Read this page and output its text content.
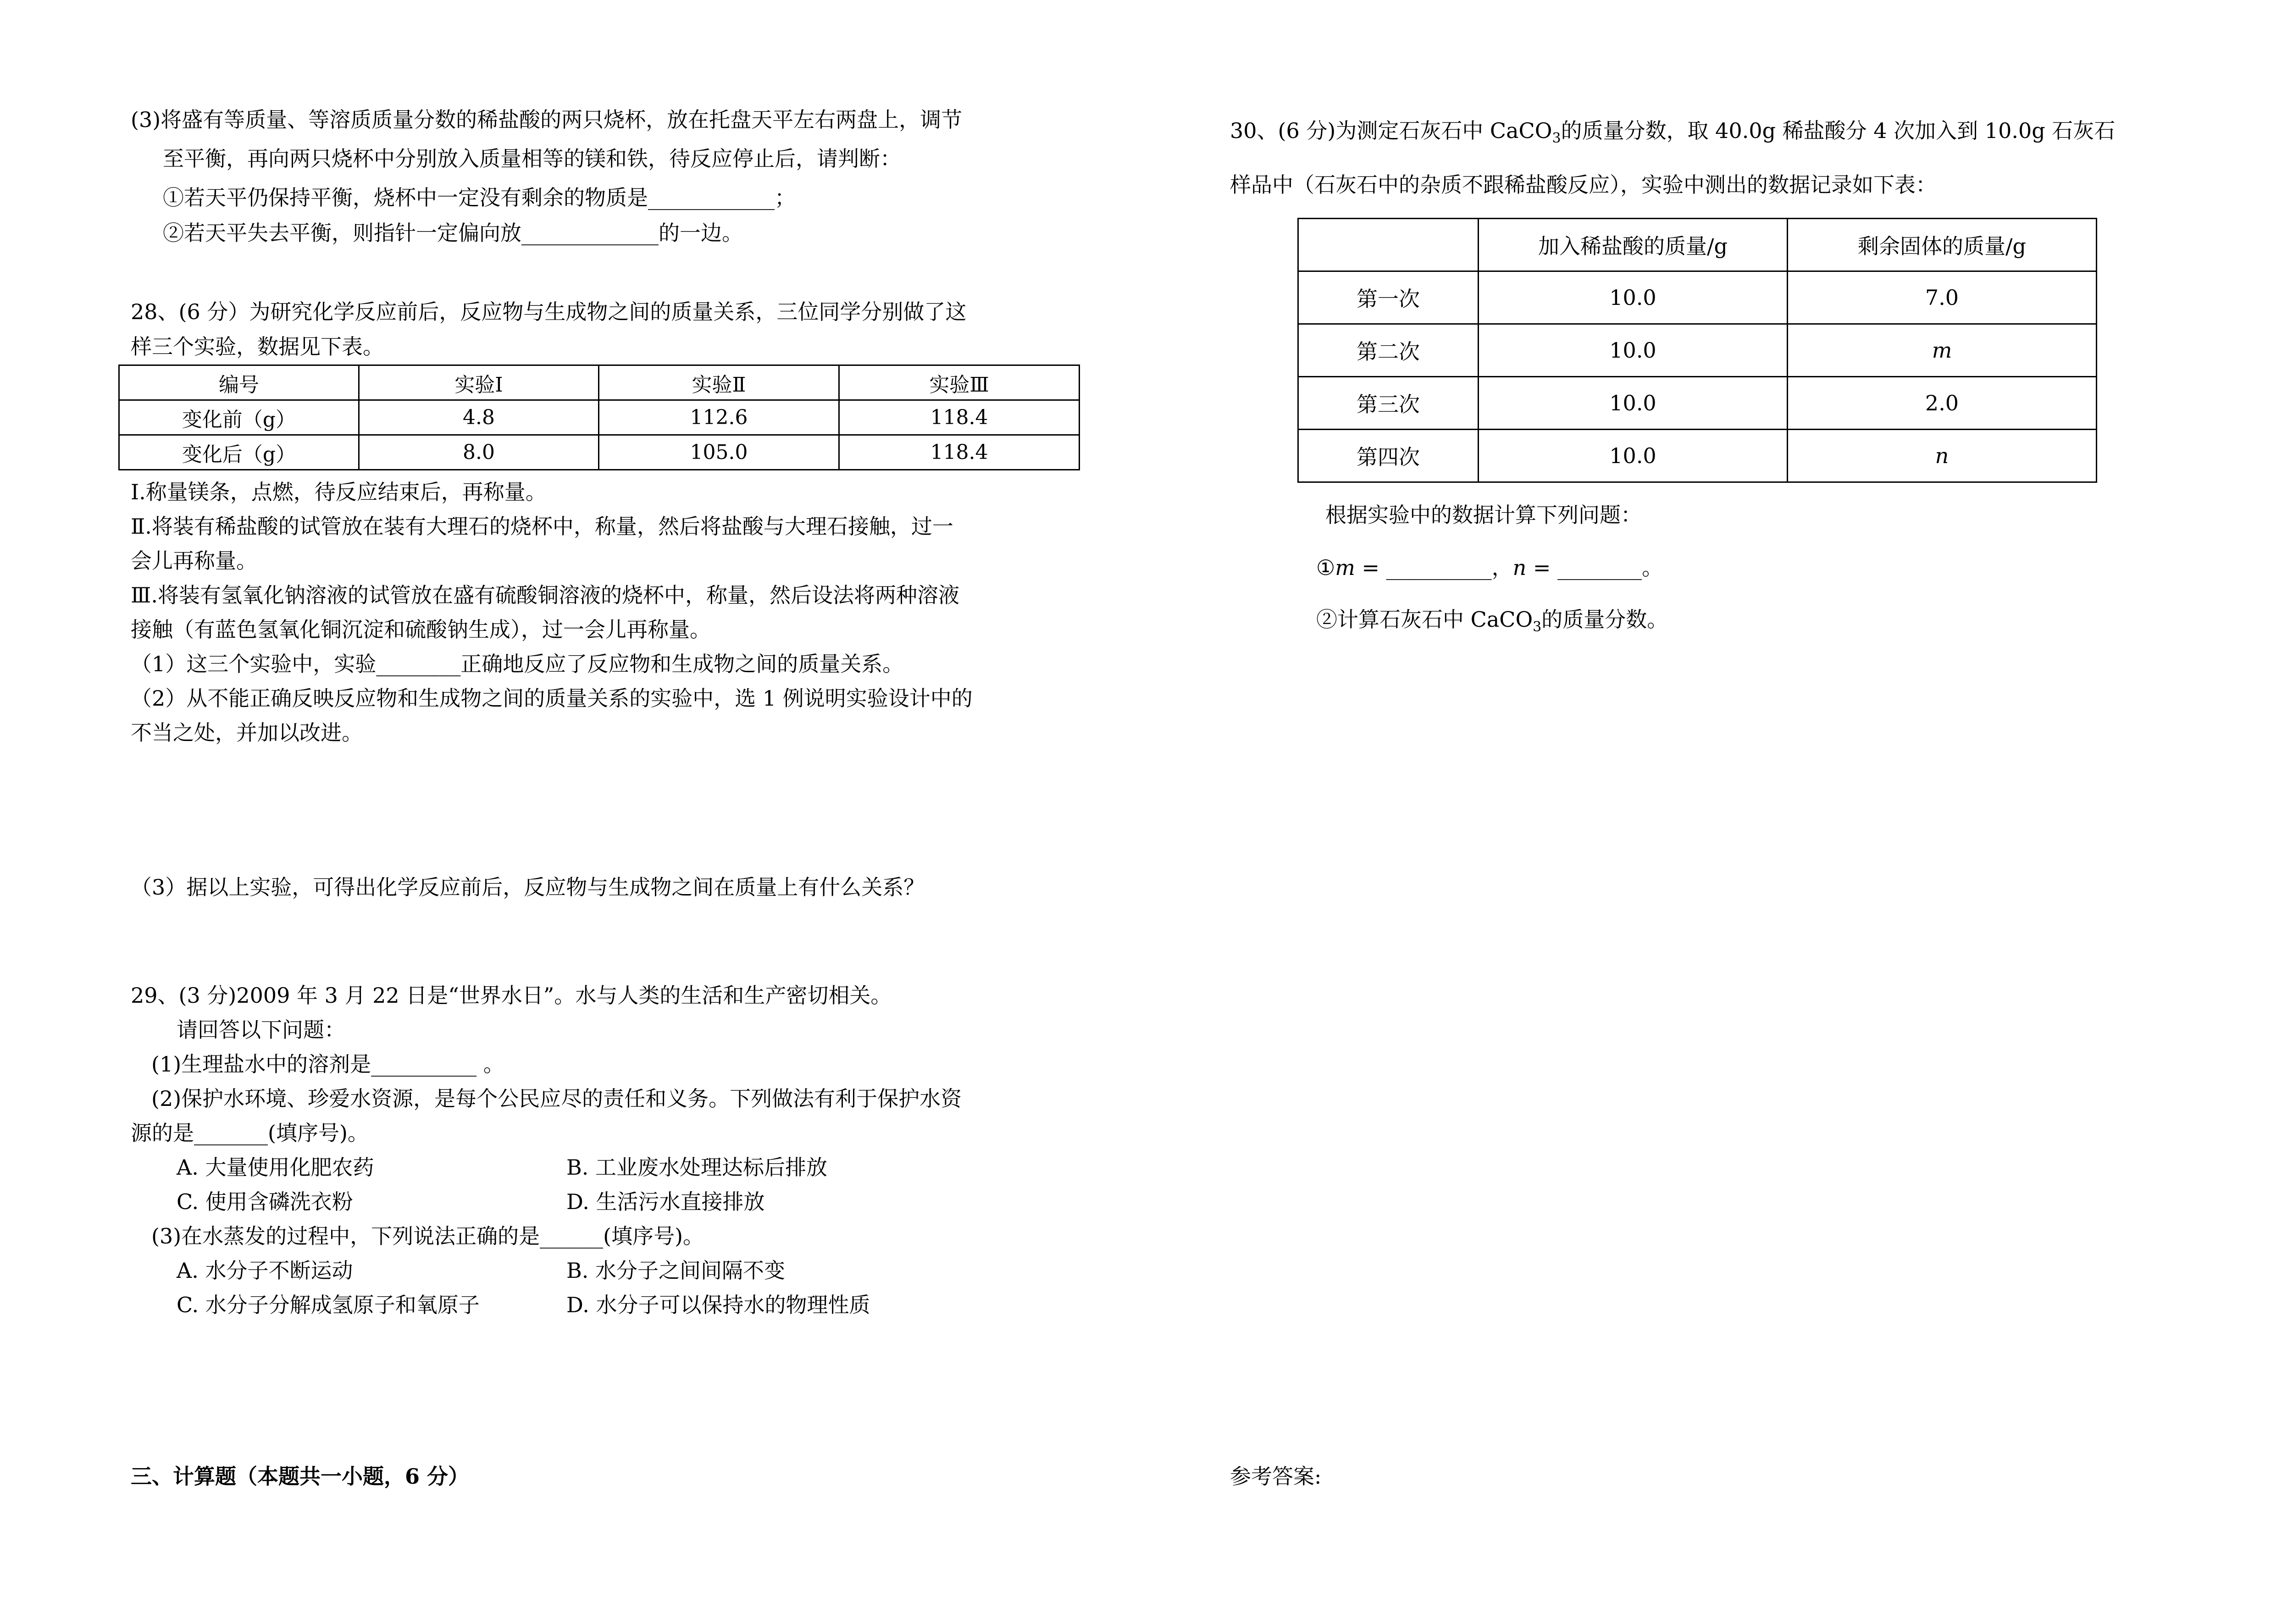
(3)将盛有等质量、等溶质质量分数的稀盐酸的两只烧杯，放在托盘天平左右两盘上，调节
至平衡，再向两只烧杯中分别放入质量相等的镁和铁，待反应停止后，请判断：
①若天平仍保持平衡，烧杯中一定没有剩余的物质是____________；
②若天平失去平衡，则指针一定偏向放_____________的一边。
28、(6 分）为研究化学反应前后，反应物与生成物之间的质量关系，三位同学分别做了这
样三个实验，数据见下表。
编号	实验Ⅰ	实验Ⅱ	实验Ⅲ
变化前（g）	4.8	112.6	118.4
变化后（g）	8.0	105.0	118.4
Ⅰ.称量镁条，点燃，待反应结束后，再称量。
Ⅱ.将装有稀盐酸的试管放在装有大理石的烧杯中，称量，然后将盐酸与大理石接触，过一
会儿再称量。
Ⅲ.将装有氢氧化钠溶液的试管放在盛有硫酸铜溶液的烧杯中，称量，然后设法将两种溶液
接触（有蓝色氢氧化铜沉淀和硫酸钠生成），过一会儿再称量。
（1）这三个实验中，实验________正确地反应了反应物和生成物之间的质量关系。
（2）从不能正确反映反应物和生成物之间的质量关系的实验中，选 1 例说明实验设计中的
不当之处，并加以改进。
（3）据以上实验，可得出化学反应前后，反应物与生成物之间在质量上有什么关系？
29、(3 分)2009 年 3 月 22 日是“世界水日”。水与人类的生活和生产密切相关。
请回答以下问题：
(1)生理盐水中的溶剂是__________ 。
(2)保护水环境、珍爱水资源，是每个公民应尽的责任和义务。下列做法有利于保护水资
源的是_______(填序号)。
A. 大量使用化肥农药	B. 工业废水处理达标后排放
C. 使用含磷洗衣粉	D. 生活污水直接排放
(3)在水蒸发的过程中，下列说法正确的是______(填序号)。
A. 水分子不断运动	B. 水分子之间间隔不变
C. 水分子分解成氢原子和氧原子	D. 水分子可以保持水的物理性质
三、计算题（本题共一小题，6 分）
30、(6 分)为测定石灰石中 CaCO$_3$的质量分数，取 40.0g 稀盐酸分 4 次加入到 10.0g 石灰石
样品中（石灰石中的杂质不跟稀盐酸反应），实验中测出的数据记录如下表：
	加入稀盐酸的质量/g	剩余固体的质量/g
第一次	10.0	7.0
第二次	10.0	m
第三次	10.0	2.0
第四次	10.0	n
根据实验中的数据计算下列问题：
①m = __________，n = ________。
②计算石灰石中 CaCO$_3$的质量分数。
参考答案:
